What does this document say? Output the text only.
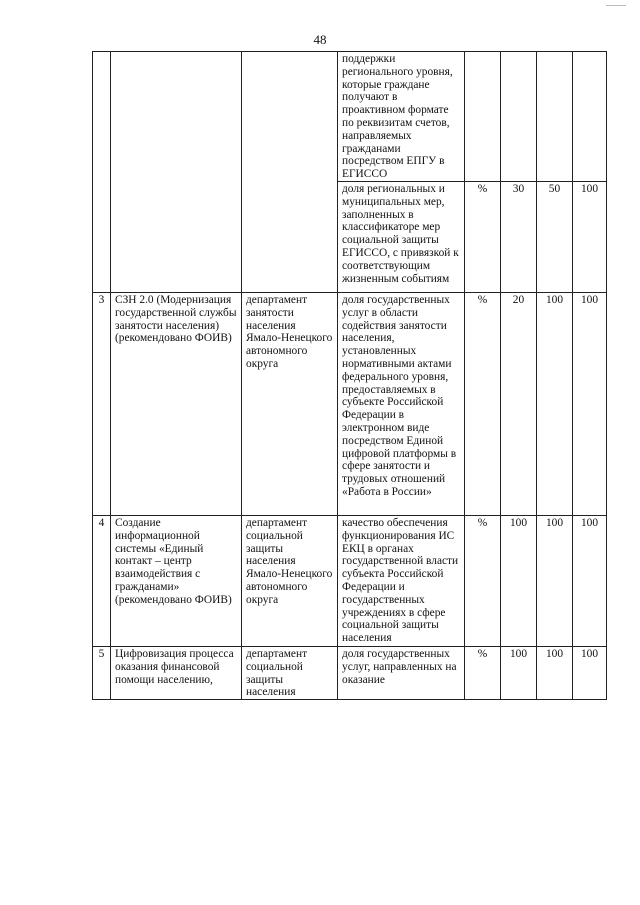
48
			поддержки регионального уровня, которые граждане получают в проактивном формате по реквизитам счетов, направляемых гражданами посредством ЕПГУ в ЕГИССО				
			доля региональных и муниципальных мер, заполненных в классификаторе мер социальной защиты ЕГИССО, с привязкой к соответствующим жизненным событиям	%	30	50	100
3	СЗН 2.0 (Модернизация государственной службы занятости населения) (рекомендовано ФОИВ)	департамент занятости населения Ямало-Ненецкого автономного округа	доля государственных услуг в области содействия занятости населения, установленных нормативными актами федерального уровня, предоставляемых в субъекте Российской Федерации в электронном виде посредством Единой цифровой платформы в сфере занятости и трудовых отношений «Работа в России»	%	20	100	100
4	Создание информационной системы «Единый контакт – центр взаимодействия с гражданами» (рекомендовано ФОИВ)	департамент социальной защиты населения Ямало-Ненецкого автономного округа	качество обеспечения функционирования ИС ЕКЦ в органах государственной власти субъекта Российской Федерации и государственных учреждениях в сфере социальной защиты населения	%	100	100	100
5	Цифровизация процесса оказания финансовой помощи населению,	департамент социальной защиты населения	доля государственных услуг, направленных на оказание	%	100	100	100
